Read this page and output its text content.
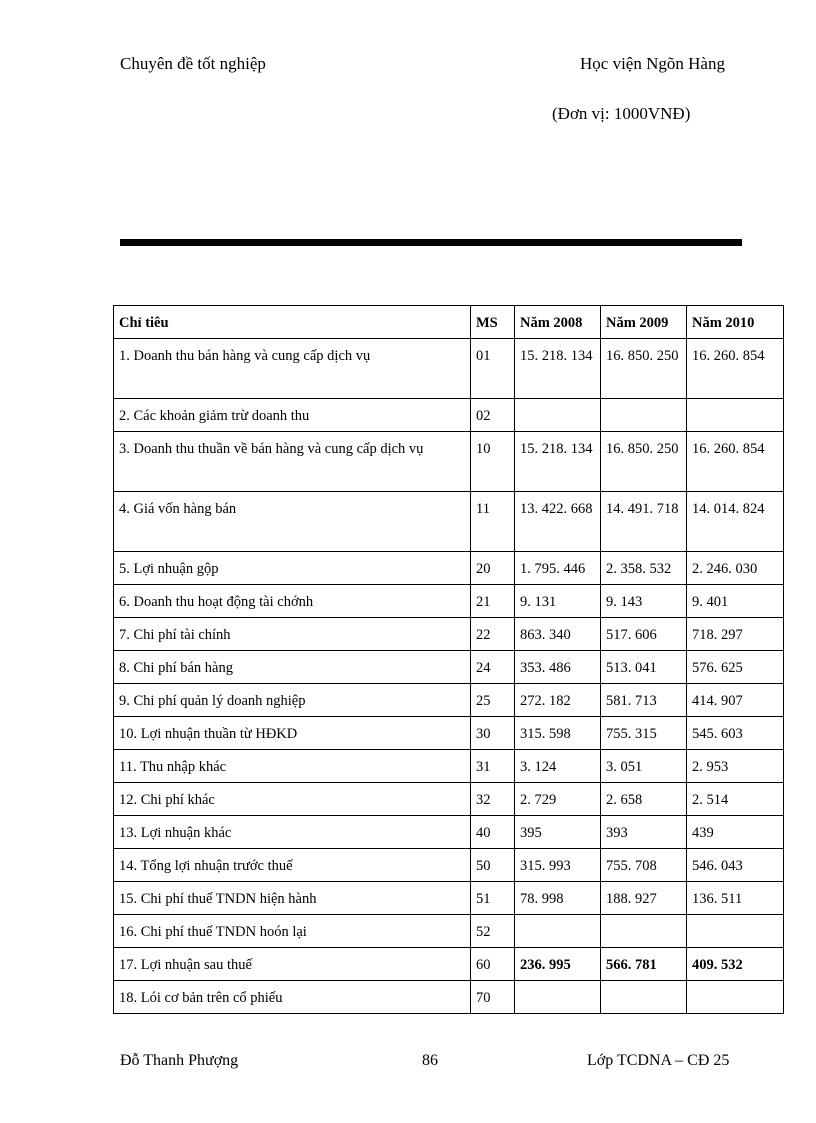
Chuyên đề tốt nghiệp	Học viện Ngõn Hàng
(Đơn vị: 1000VNĐ)
Chỉ tiêu	MS	Năm 2008	Năm 2009	Năm 2010
1. Doanh thu bán hàng và cung cấp dịch vụ	01	15. 218. 134	16. 850. 250	16. 260. 854
2. Các khoản giảm trừ doanh thu	02			
3. Doanh thu thuần về bán hàng và cung cấp dịch vụ	10	15. 218. 134	16. 850. 250	16. 260. 854
4. Giá vốn hàng bán	11	13. 422. 668	14. 491. 718	14. 014. 824
5. Lợi nhuận gộp	20	1. 795. 446	2. 358. 532	2. 246. 030
6. Doanh thu hoạt động tài chớnh	21	9. 131	9. 143	9. 401
7. Chi phí tài chính	22	863. 340	517. 606	718. 297
8. Chi phí bán hàng	24	353. 486	513. 041	576. 625
9. Chi phí quản lý doanh nghiệp	25	272. 182	581. 713	414. 907
10. Lợi nhuận thuần từ HĐKD	30	315. 598	755. 315	545. 603
11. Thu nhập khác	31	3. 124	3. 051	2. 953
12. Chi phí khác	32	2. 729	2. 658	2. 514
13. Lợi nhuận khác	40	395	393	439
14. Tổng lợi nhuận trước thuế	50	315. 993	755. 708	546. 043
15. Chi phí thuế TNDN hiện hành	51	78. 998	188. 927	136. 511
16. Chi phí thuế TNDN hoón lại	52			
17. Lợi nhuận sau thuế	60	236. 995	566. 781	409. 532
18. Lói cơ bản trên cổ phiếu	70			
Đỗ Thanh Phượng	86	Lớp TCDNA – CĐ 25
